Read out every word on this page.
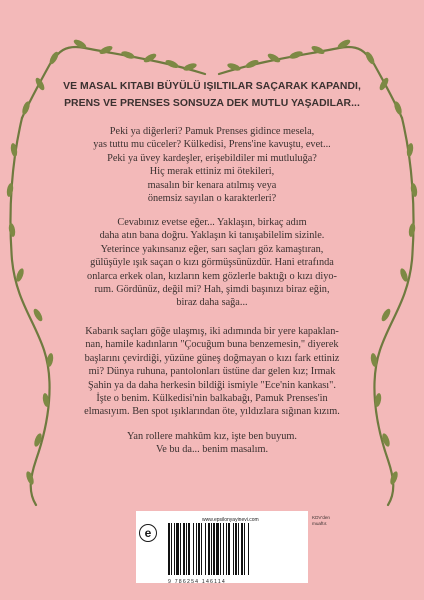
VE MASAL KITABI BÜYÜLÜ IŞILTILAR SAÇARAK KAPANDI,
PRENS VE PRENSES SONSUZA DEK MUTLU YAŞADILAR...
Peki ya diğerleri? Pamuk Prenses gidince mesela,
yas tuttu mu cüceler? Külkedisi, Prens'ine kavuştu, evet...
Peki ya üvey kardeşler, erişebildiler mi mutluluğa?
Hiç merak ettiniz mi ötekileri,
masalın bir kenara atılmış veya
önemsiz sayılan o karakterleri?
Cevabınız evetse eğer... Yaklaşın, birkaç adım
daha atın bana doğru. Yaklaşın ki tanışabilelim sizinle.
Yeterince yakınsanız eğer, sarı saçları göz kamaştıran,
gülüşüyle ışık saçan o kızı görmüşsünüzdür. Hani etrafında
onlarca erkek olan, kızların kem gözlerle baktığı o kızı diyo-
rum. Gördünüz, değil mi? Hah, şimdi başınızı biraz eğin,
biraz daha sağa...
Kabarık saçları göğe ulaşmış, iki adımında bir yere kapaklan-
nan, hamile kadınların "Çocuğum buna benzemesin," diyerek
başlarını çevirdiği, yüzüne güneş doğmayan o kızı fark ettiniz
mi? Dünya ruhuna, pantolonları üstüne dar gelen kız; Irmak
Şahin ya da daha herkesin bildiği ismiyle "Ece'nin kankası".
İşte o benim. Külkedisi'nin balkabağı, Pamuk Prenses'in
elmasıyım. Ben spot ışıklarından öte, yıldızlara sığınan kızım.
Yan rollere mahkûm kız, işte ben buyum.
Ve bu da... benim masalım.
www.epsilonyayinevi.com
e
9 786254 146114
KDV'den
muaftır.
